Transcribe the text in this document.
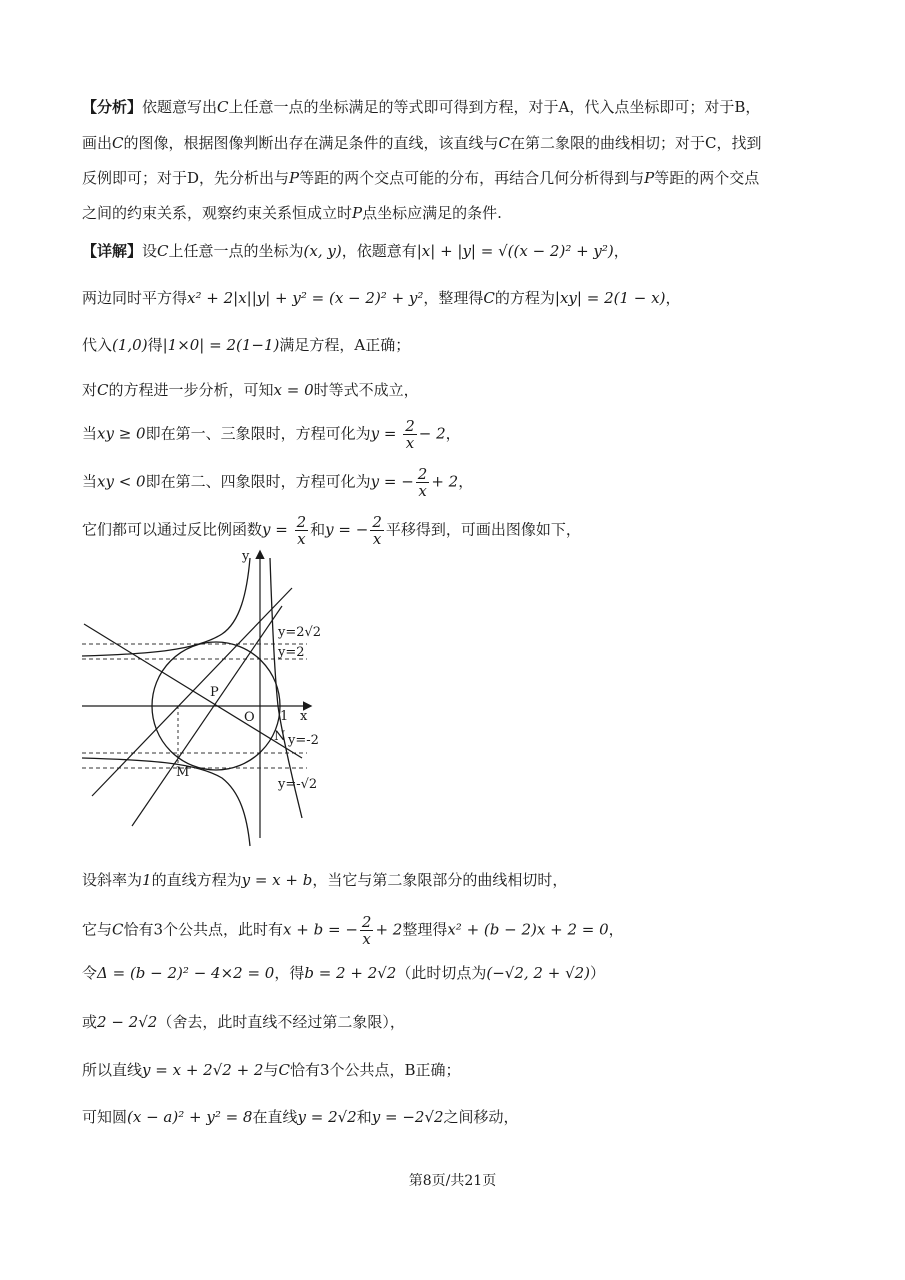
【分析】依题意写出C上任意一点的坐标满足的等式即可得到方程，对于A，代入点坐标即可；对于B，
画出C的图像，根据图像判断出存在满足条件的直线，该直线与C在第二象限的曲线相切；对于C，找到
反例即可；对于D，先分析出与P等距的两个交点可能的分布，再结合几何分析得到与P等距的两个交点
之间的约束关系，观察约束关系恒成立时P点坐标应满足的条件.
【详解】设C上任意一点的坐标为(x, y)，依题意有|x| + |y| = √((x − 2)² + y²)，
两边同时平方得x² + 2|x||y| + y² = (x − 2)² + y²，整理得C的方程为|xy| = 2(1 − x)，
代入(1,0)得|1×0| = 2(1−1)满足方程，A正确；
对C的方程进一步分析，可知x = 0时等式不成立，
当xy ≥ 0即在第一、三象限时，方程可化为$y = \frac{2}{x} - 2$，
当xy < 0即在第二、四象限时，方程可化为y = − $\frac{2}{x} + 2$，
它们都可以通过反比例函数$y = \frac{2}{x}$ 和y = − $\frac{2}{x}$ 平移得到，可画出图像如下，
设斜率为1的直线方程为y = x + b，当它与第二象限部分的曲线相切时，
它与C恰有3个公共点，此时有x + b = − $\frac{2}{x} + 2$整理得x² + (b − 2)x + 2 = 0，
令Δ = (b − 2)² − 4×2 = 0，得b = 2 + 2√2（此时切点为(−√2, 2 + √2)）
或2 − 2√2（舍去，此时直线不经过第二象限），
所以直线y = x + 2√2 + 2与C恰有3个公共点，B正确；
可知圆(x − a)² + y² = 8在直线y = 2√2和y = −2√2之间移动，
y
x
O 1
P
N
M
y=2√2
y=2
y=-2
y=-√2
第8页/共21页
